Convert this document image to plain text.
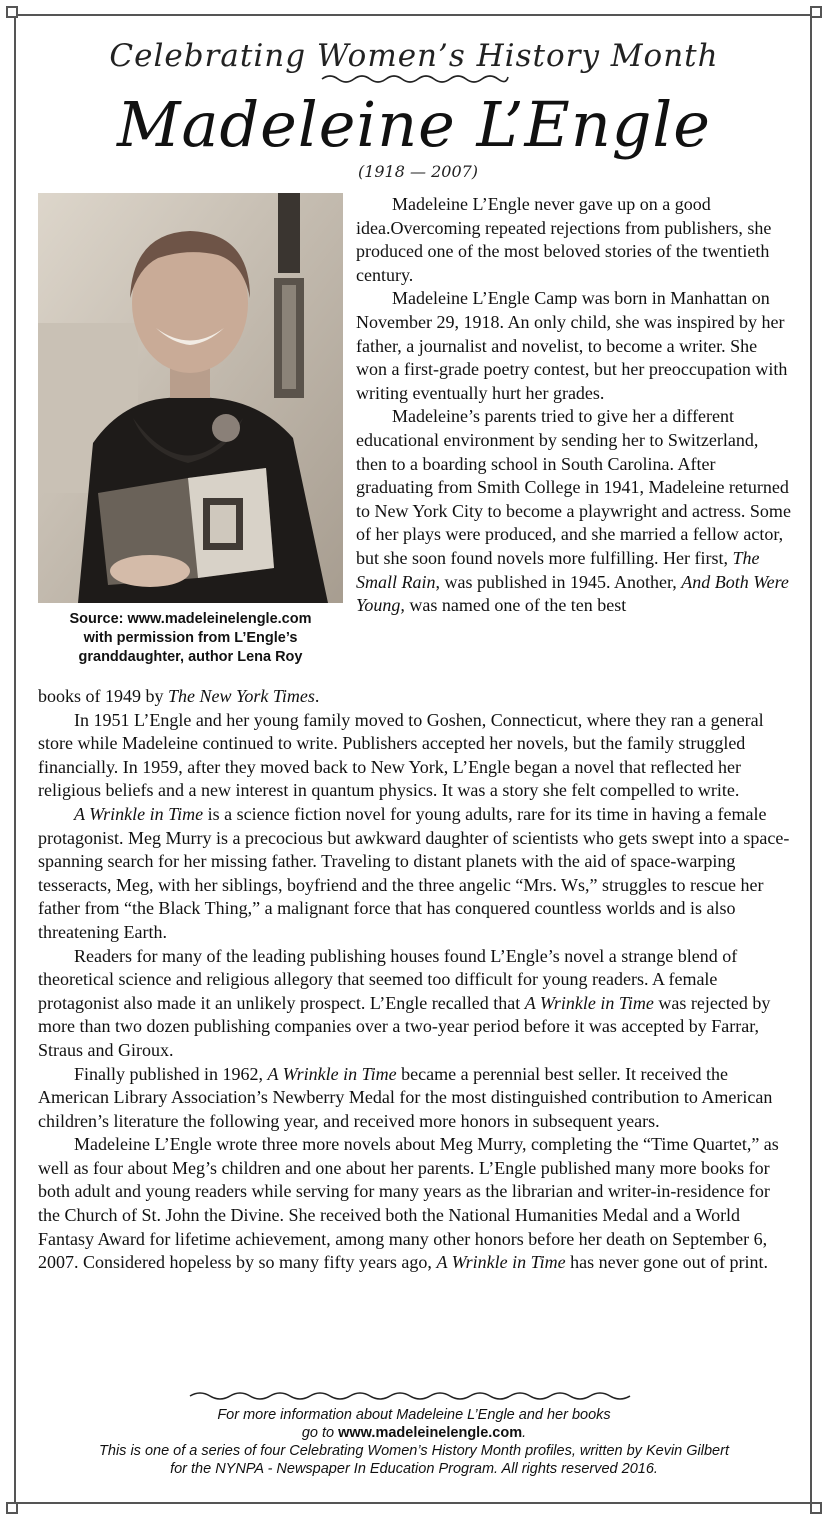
Celebrating Women’s History Month
Madeleine L’Engle
(1918 — 2007)
Source: www.madeleinelengle.com
with permission from L’Engle’s
granddaughter, author Lena Roy

Madeleine L’Engle never gave up on a good idea.Overcoming repeated rejections from publishers, she produced one of the most beloved stories of the twentieth century.

Madeleine L’Engle Camp was born in Manhattan on November 29, 1918. An only child, she was inspired by her father, a journalist and novelist, to become a writer. She won a first-grade poetry contest, but her preoccupation with writing eventually hurt her grades.

Madeleine’s parents tried to give her a different educational environment by sending her to Switzerland, then to a boarding school in South Carolina. After graduating from Smith College in 1941, Madeleine returned to New York City to become a playwright and actress. Some of her plays were produced, and she married a fellow actor, but she soon found novels more fulfilling. Her first, The Small Rain, was published in 1945. Another, And Both Were Young, was named one of the ten best

books of 1949 by The New York Times.

In 1951 L’Engle and her young family moved to Goshen, Connecticut, where they ran a general store while Madeleine continued to write. Publishers accepted her novels, but the family struggled financially. In 1959, after they moved back to New York, L’Engle began a novel that reflected her religious beliefs and a new interest in quantum physics. It was a story she felt compelled to write.

A Wrinkle in Time is a science fiction novel for young adults, rare for its time in having a female protagonist. Meg Murry is a precocious but awkward daughter of scientists who gets swept into a space-spanning search for her missing father. Traveling to distant planets with the aid of space-warping tesseracts, Meg, with her siblings, boyfriend and the three angelic “Mrs. Ws,” struggles to rescue her father from “the Black Thing,” a malignant force that has conquered countless worlds and is also threatening Earth.

Readers for many of the leading publishing houses found L’Engle’s novel a strange blend of theoretical science and religious allegory that seemed too difficult for young readers. A female protagonist also made it an unlikely prospect. L’Engle recalled that A Wrinkle in Time was rejected by more than two dozen publishing companies over a two-year period before it was accepted by Farrar, Straus and Giroux.

Finally published in 1962, A Wrinkle in Time became a perennial best seller. It received the American Library Association’s Newberry Medal for the most distinguished contribution to American children’s literature the following year, and received more honors in subsequent years.

Madeleine L’Engle wrote three more novels about Meg Murry, completing the “Time Quartet,” as well as four about Meg’s children and one about her parents. L’Engle published many more books for both adult and young readers while serving for many years as the librarian and writer-in-residence for the Church of St. John the Divine. She received both the National Humanities Medal and a World Fantasy Award for lifetime achievement, among many other honors before her death on September 6, 2007. Considered hopeless by so many fifty years ago, A Wrinkle in Time has never gone out of print.

For more information about Madeleine L’Engle and her books
go to www.madeleinelengle.com.
This is one of a series of four Celebrating Women’s History Month profiles, written by Kevin Gilbert
for the NYNPA - Newspaper In Education Program. All rights reserved 2016.
